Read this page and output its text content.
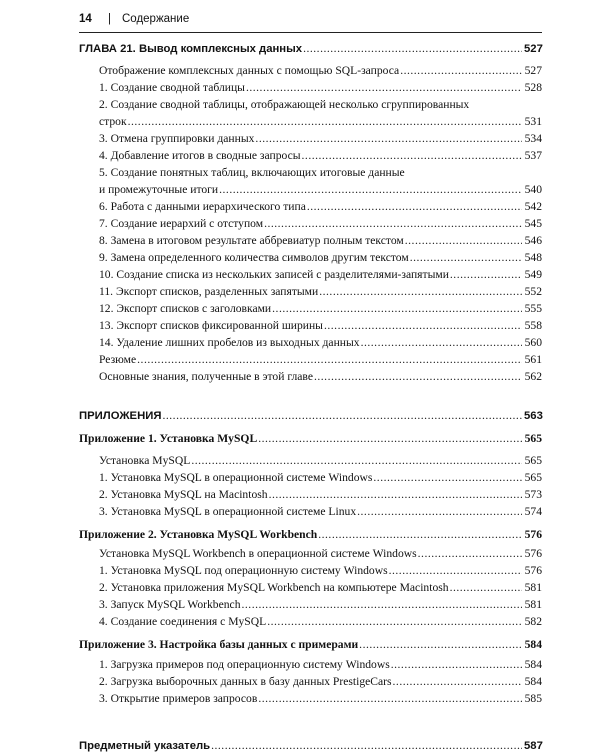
14 | Содержание
ГЛАВА 21. Вывод комплексных данных .....	527
Отображение комплексных данных с помощью SQL-запроса .....	527
1. Создание сводной таблицы .....	528
2. Создание сводной таблицы, отображающей несколько сгруппированных
строк .....	531
3. Отмена группировки данных .....	534
4. Добавление итогов в сводные запросы .....	537
5. Создание понятных таблиц, включающих итоговые данные
и промежуточные итоги .....	540
6. Работа с данными иерархического типа .....	542
7. Создание иерархий с отступом .....	545
8. Замена в итоговом результате аббревиатур полным текстом .....	546
9. Замена определенного количества символов другим текстом .....	548
10. Создание списка из нескольких записей с разделителями-запятыми .....	549
11. Экспорт списков, разделенных запятыми .....	552
12. Экспорт списков с заголовками .....	555
13. Экспорт списков фиксированной ширины .....	558
14. Удаление лишних пробелов из выходных данных .....	560
Резюме .....	561
Основные знания, полученные в этой главе .....	562
ПРИЛОЖЕНИЯ .....	563
Приложение 1. Установка MySQL .....	565
Установка MySQL .....	565
1. Установка MySQL в операционной системе Windows .....	565
2. Установка MySQL на Macintosh .....	573
3. Установка MySQL в операционной системе Linux .....	574
Приложение 2. Установка MySQL Workbench .....	576
Установка MySQL Workbench в операционной системе Windows .....	576
1. Установка MySQL под операционную систему Windows .....	576
2. Установка приложения MySQL Workbench на компьютере Macintosh .....	581
3. Запуск MySQL Workbench .....	581
4. Создание соединения с MySQL .....	582
Приложение 3. Настройка базы данных с примерами .....	584
1. Загрузка примеров под операционную систему Windows .....	584
2. Загрузка выборочных данных в базу данных PrestigeCars .....	584
3. Открытие примеров запросов .....	585
Предметный указатель .....	587
